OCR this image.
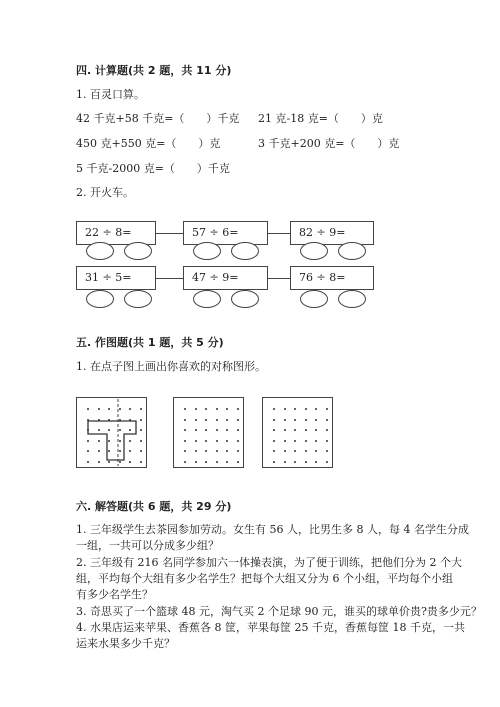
四. 计算题(共 2 题，共 11 分)
1. 百灵口算。
42 千克+58 千克=（　　）千克 21 克-18 克=（　　）克
450 克+550 克=（　　）克	3 千克+200 克=（　　）克
5 千克-2000 克=（　　）千克
2. 开火车。
22 ÷ 8=	57 ÷ 6=	82 ÷ 9=
31 ÷ 5=	47 ÷ 9=	76 ÷ 8=
五. 作图题(共 1 题，共 5 分)
1. 在点子图上画出你喜欢的对称图形。
六. 解答题(共 6 题，共 29 分)
1. 三年级学生去茶园参加劳动。女生有 56 人，比男生多 8 人，每 4 名学生分成
一组，一共可以分成多少组？
2. 三年级有 216 名同学参加六一体操表演，为了便于训练，把他们分为 2 个大
组，平均每个大组有多少名学生？把每个大组又分为 6 个小组，平均每个小组
有多少名学生？
3. 奇思买了一个篮球 48 元，淘气买 2 个足球 90 元，谁买的球单价贵?贵多少元？
4. 水果店运来苹果、香蕉各 8 筐，苹果每筐 25 千克，香蕉每筐 18 千克，一共
运来水果多少千克？
